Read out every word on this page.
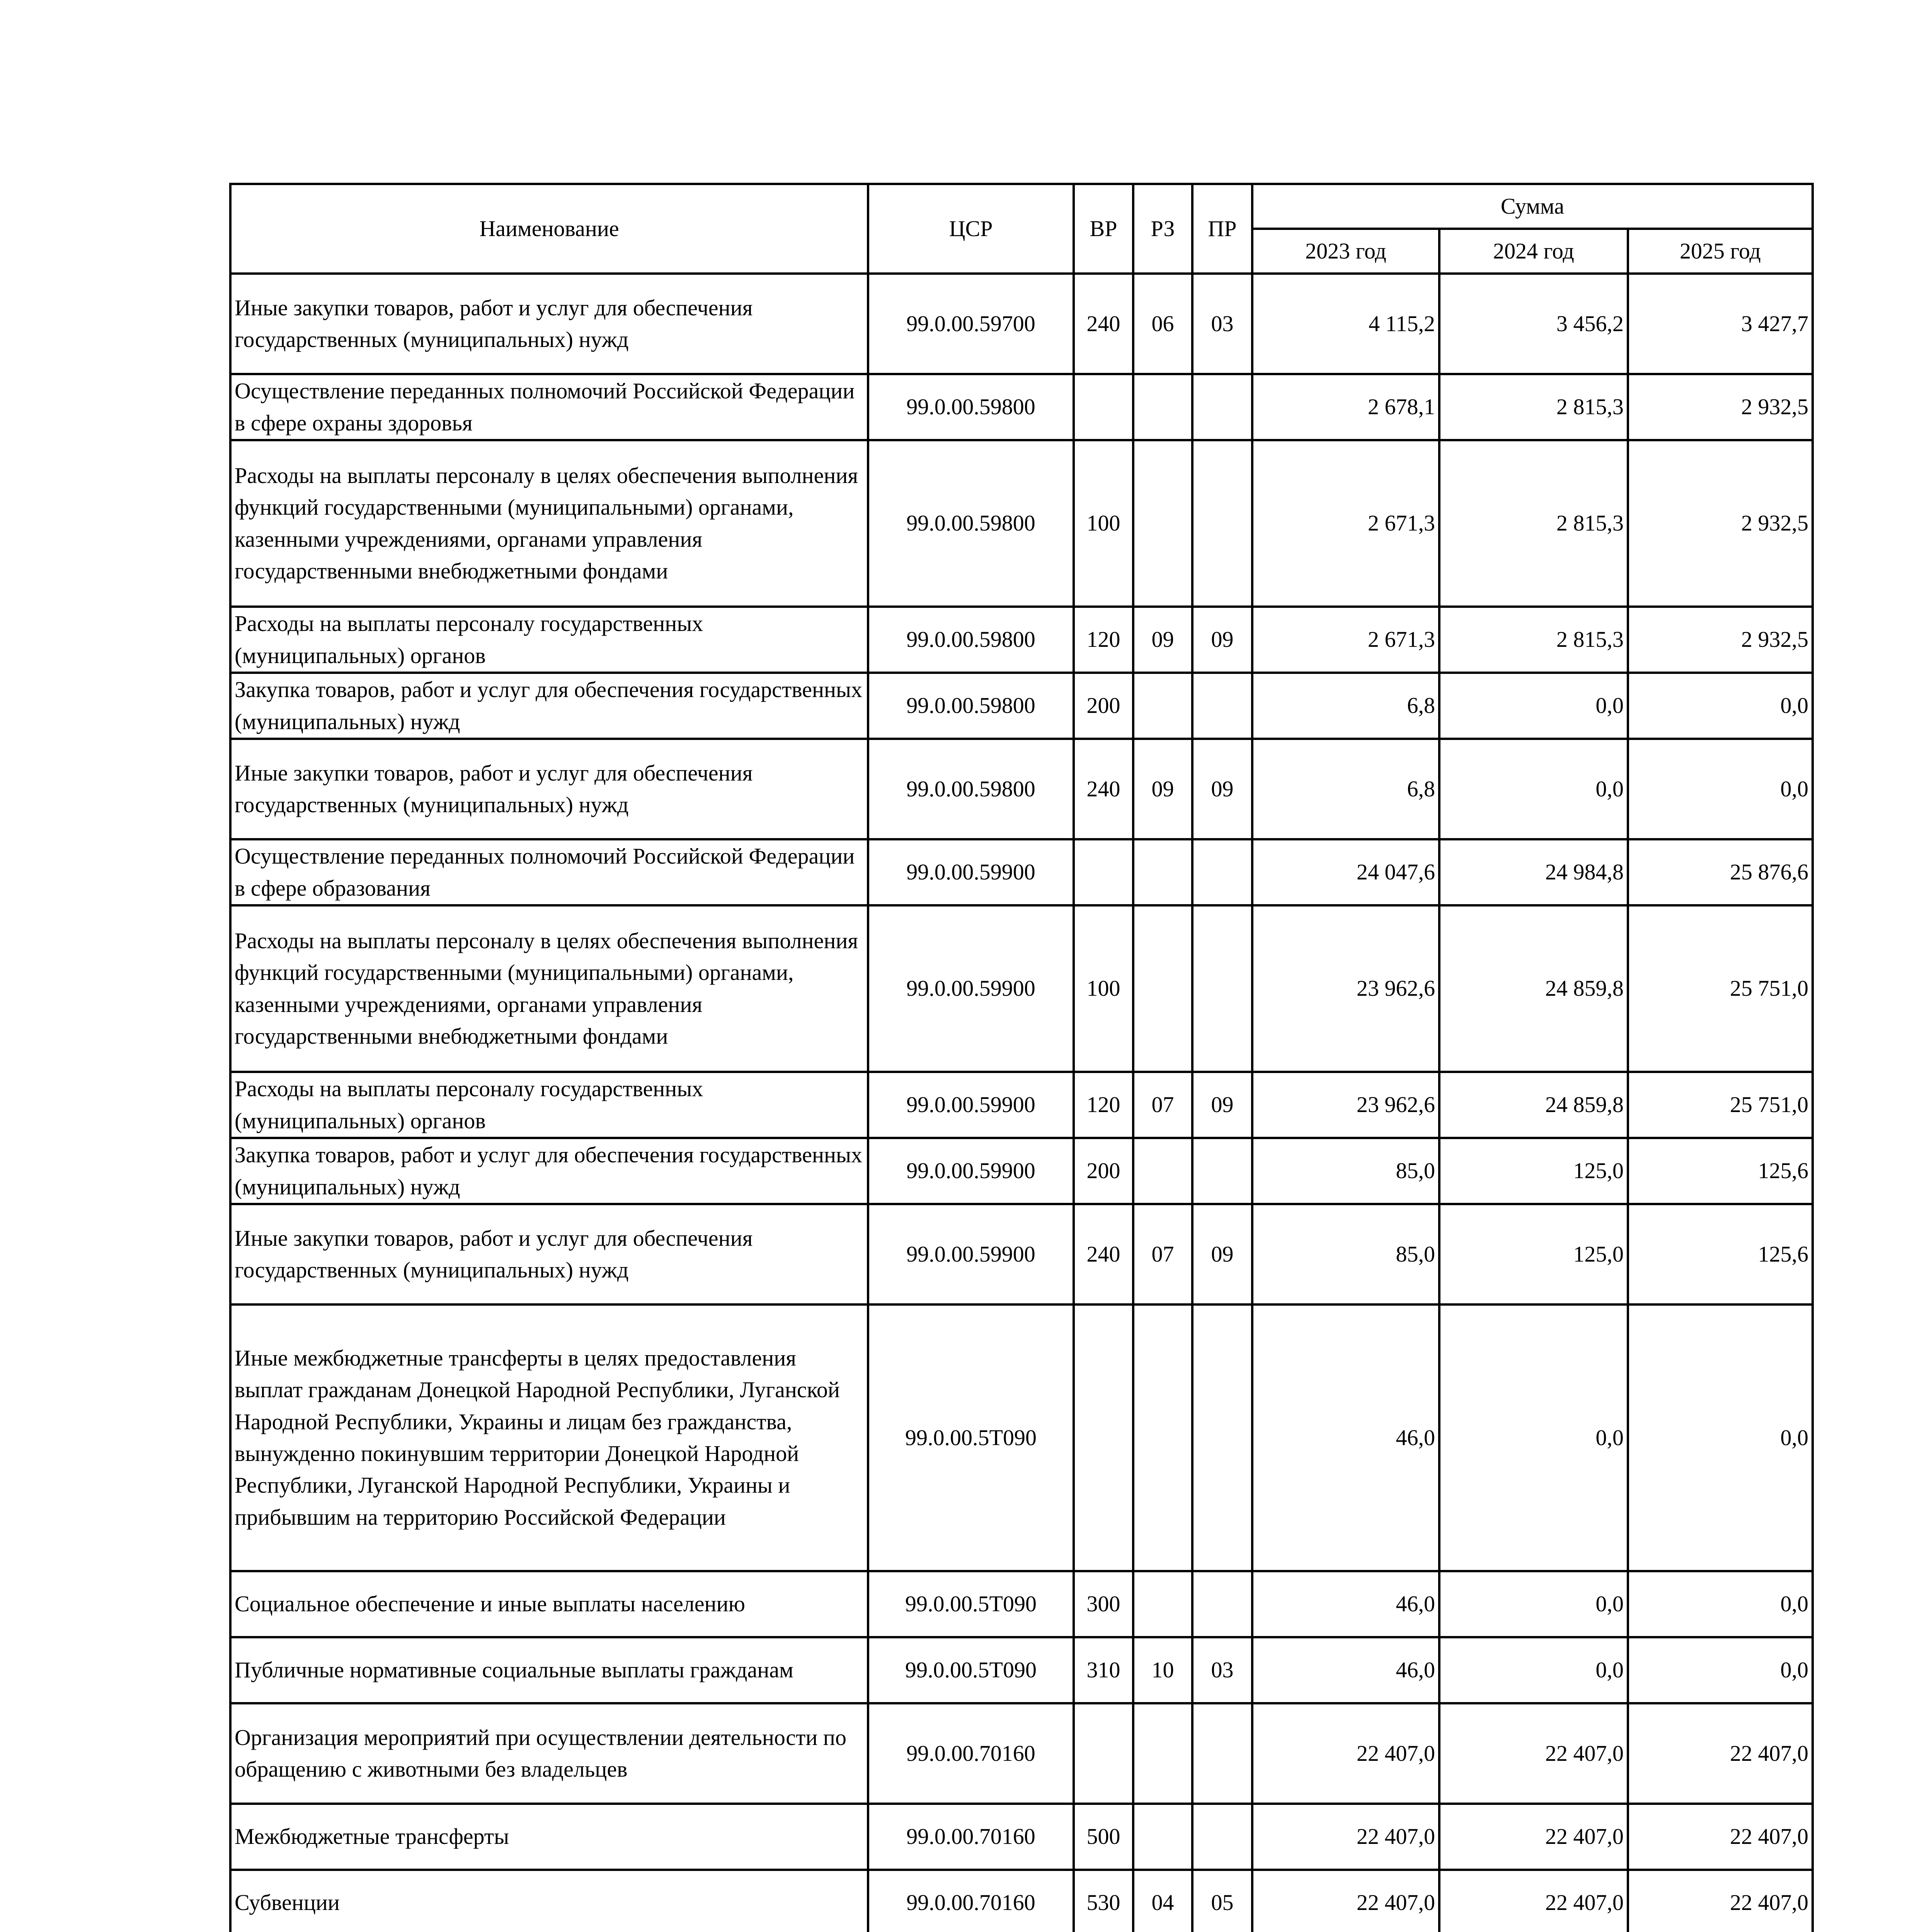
Наименование	ЦСР	ВР	РЗ	ПР	Сумма		
					2023 год	2024 год	2025 год
Иные закупки товаров, работ и услуг для обеспечения государственных (муниципальных) нужд	99.0.00.59700	240	06	03	4 115,2	3 456,2	3 427,7
Осуществление переданных полномочий Российской Федерации в сфере охраны здоровья	99.0.00.59800				2 678,1	2 815,3	2 932,5
Расходы на выплаты персоналу в целях обеспечения выполнения функций государственными (муниципальными) органами, казенными учреждениями, органами управления государственными внебюджетными фондами	99.0.00.59800	100			2 671,3	2 815,3	2 932,5
Расходы на выплаты персоналу государственных (муниципальных) органов	99.0.00.59800	120	09	09	2 671,3	2 815,3	2 932,5
Закупка товаров, работ и услуг для обеспечения государственных (муниципальных) нужд	99.0.00.59800	200			6,8	0,0	0,0
Иные закупки товаров, работ и услуг для обеспечения государственных (муниципальных) нужд	99.0.00.59800	240	09	09	6,8	0,0	0,0
Осуществление переданных полномочий Российской Федерации в сфере образования	99.0.00.59900				24 047,6	24 984,8	25 876,6
Расходы на выплаты персоналу в целях обеспечения выполнения функций государственными (муниципальными) органами, казенными учреждениями, органами управления государственными внебюджетными фондами	99.0.00.59900	100			23 962,6	24 859,8	25 751,0
Расходы на выплаты персоналу государственных (муниципальных) органов	99.0.00.59900	120	07	09	23 962,6	24 859,8	25 751,0
Закупка товаров, работ и услуг для обеспечения государственных (муниципальных) нужд	99.0.00.59900	200			85,0	125,0	125,6
Иные закупки товаров, работ и услуг для обеспечения государственных (муниципальных) нужд	99.0.00.59900	240	07	09	85,0	125,0	125,6
Иные межбюджетные трансферты в целях предоставления выплат гражданам Донецкой Народной Республики, Луганской Народной Республики, Украины и лицам без гражданства, вынужденно покинувшим территории Донецкой Народной Республики, Луганской Народной Республики, Украины и прибывшим на территорию Российской Федерации	99.0.00.5T090				46,0	0,0	0,0
Социальное обеспечение и иные выплаты населению	99.0.00.5T090	300			46,0	0,0	0,0
Публичные нормативные социальные выплаты гражданам	99.0.00.5T090	310	10	03	46,0	0,0	0,0
Организация мероприятий при осуществлении деятельности по обращению с животными без владельцев	99.0.00.70160				22 407,0	22 407,0	22 407,0
Межбюджетные трансферты	99.0.00.70160	500			22 407,0	22 407,0	22 407,0
Субвенции	99.0.00.70160	530	04	05	22 407,0	22 407,0	22 407,0
